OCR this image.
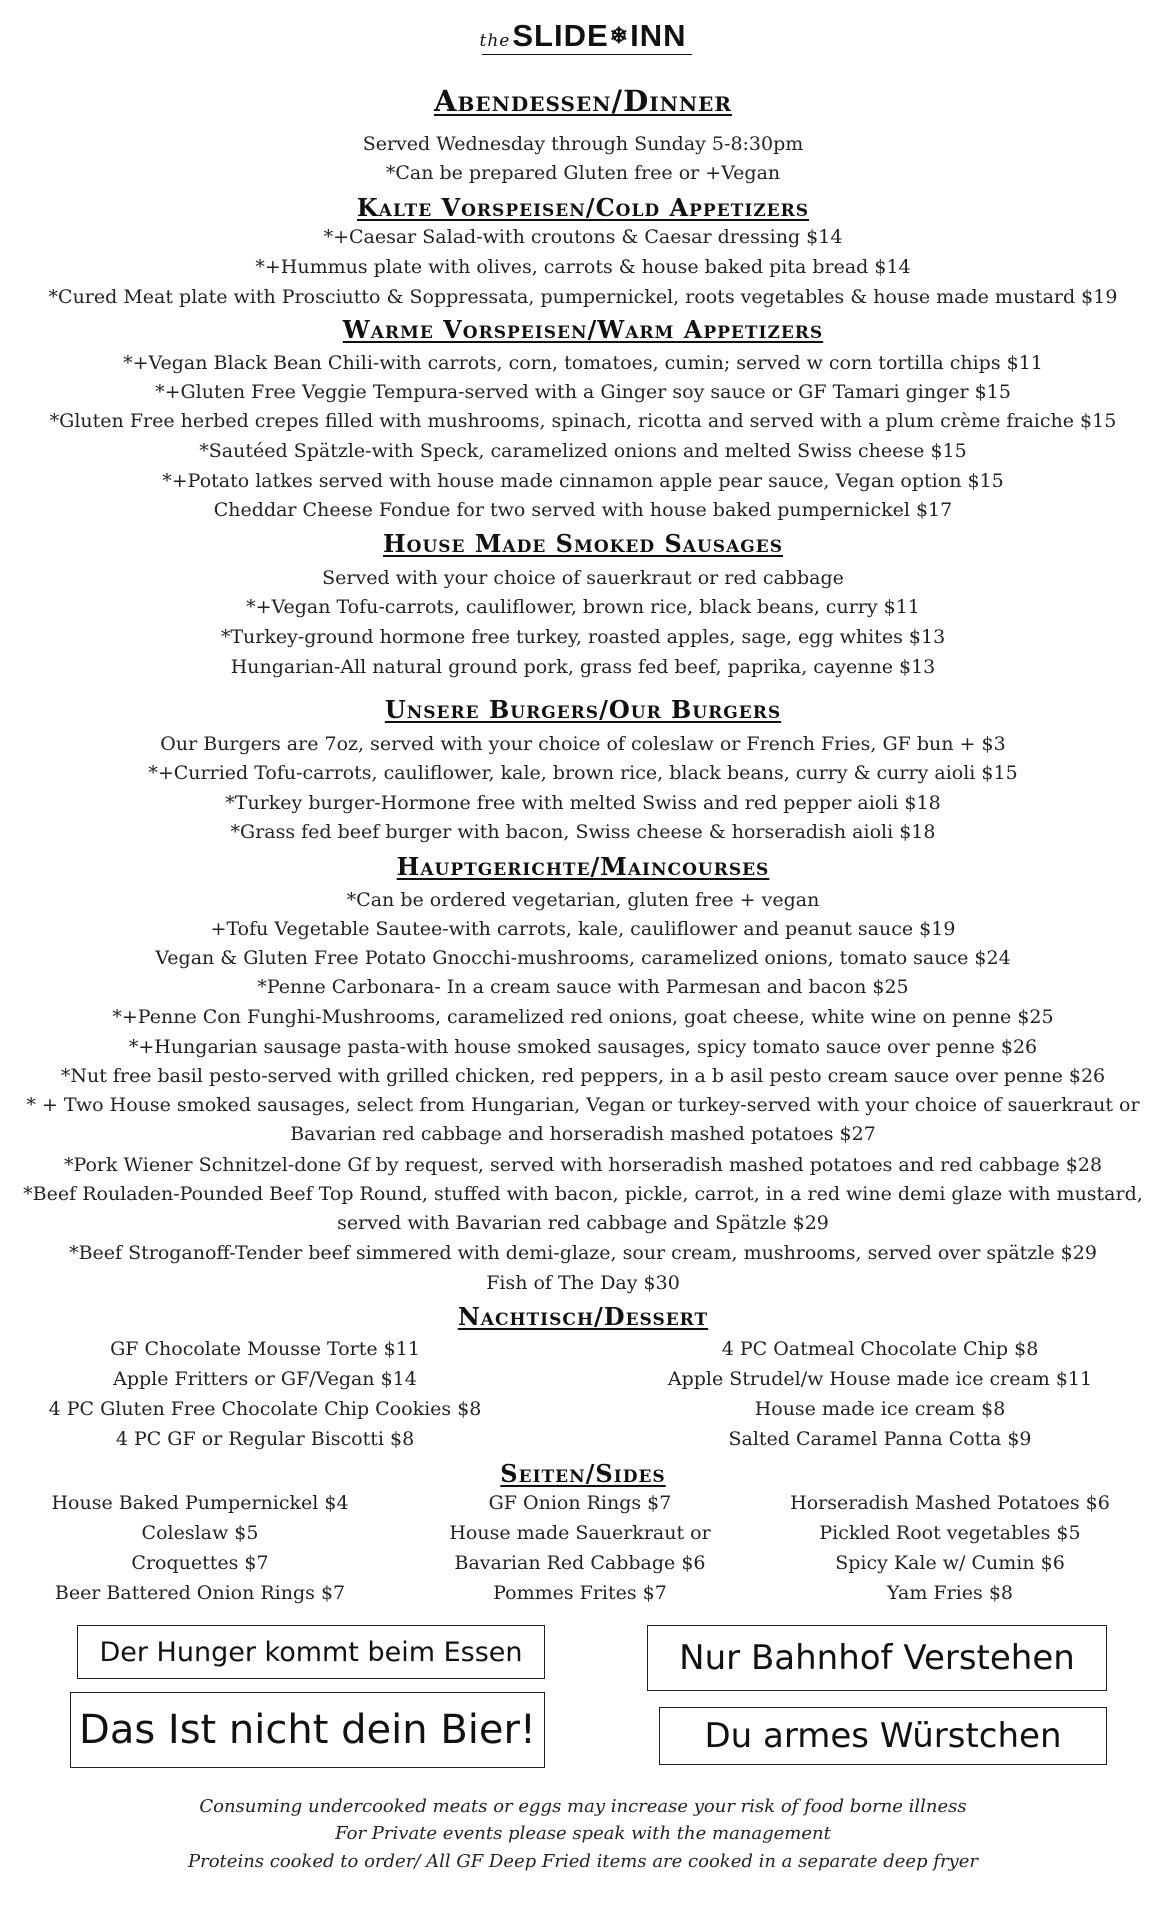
theSLIDE❄INN
Abendessen/Dinner
Served Wednesday through Sunday 5-8:30pm
*Can be prepared Gluten free or +Vegan
Kalte Vorspeisen/Cold Appetizers
*+Caesar Salad-with croutons & Caesar dressing $14
*+Hummus plate with olives, carrots & house baked pita bread $14
*Cured Meat plate with Prosciutto & Soppressata, pumpernickel, roots vegetables & house made mustard $19
Warme Vorspeisen/Warm Appetizers
*+Vegan Black Bean Chili-with carrots, corn, tomatoes, cumin; served w corn tortilla chips $11
*+Gluten Free Veggie Tempura-served with a Ginger soy sauce or GF Tamari ginger $15
*Gluten Free herbed crepes filled with mushrooms, spinach, ricotta and served with a plum crème fraiche $15
*Sautéed Spätzle-with Speck, caramelized onions and melted Swiss cheese $15
*+Potato latkes served with house made cinnamon apple pear sauce, Vegan option $15
Cheddar Cheese Fondue for two served with house baked pumpernickel $17
House Made Smoked Sausages
Served with your choice of sauerkraut or red cabbage
*+Vegan Tofu-carrots, cauliflower, brown rice, black beans, curry $11
*Turkey-ground hormone free turkey, roasted apples, sage, egg whites $13
Hungarian-All natural ground pork, grass fed beef, paprika, cayenne $13
Unsere Burgers/Our Burgers
Our Burgers are 7oz, served with your choice of coleslaw or French Fries, GF bun + $3
*+Curried Tofu-carrots, cauliflower, kale, brown rice, black beans, curry & curry aioli $15
*Turkey burger-Hormone free with melted Swiss and red pepper aioli $18
*Grass fed beef burger with bacon, Swiss cheese & horseradish aioli $18
Hauptgerichte/Maincourses
*Can be ordered vegetarian, gluten free + vegan
+Tofu Vegetable Sautee-with carrots, kale, cauliflower and peanut sauce $19
Vegan & Gluten Free Potato Gnocchi-mushrooms, caramelized onions, tomato sauce $24
*Penne Carbonara- In a cream sauce with Parmesan and bacon $25
*+Penne Con Funghi-Mushrooms, caramelized red onions, goat cheese, white wine on penne $25
*+Hungarian sausage pasta-with house smoked sausages, spicy tomato sauce over penne $26
*Nut free basil pesto-served with grilled chicken, red peppers, in a b asil pesto cream sauce over penne $26
* + Two House smoked sausages, select from Hungarian, Vegan or turkey-served with your choice of sauerkraut or
Bavarian red cabbage and horseradish mashed potatoes $27
*Pork Wiener Schnitzel-done Gf by request, served with horseradish mashed potatoes and red cabbage $28
*Beef Rouladen-Pounded Beef Top Round, stuffed with bacon, pickle, carrot, in a red wine demi glaze with mustard,
served with Bavarian red cabbage and Spätzle $29
*Beef Stroganoff-Tender beef simmered with demi-glaze, sour cream, mushrooms, served over spätzle $29
Fish of The Day $30
Nachtisch/Dessert
GF Chocolate Mousse Torte $11
Apple Fritters or GF/Vegan $14
4 PC Gluten Free Chocolate Chip Cookies $8
4 PC GF or Regular Biscotti $8
4 PC Oatmeal Chocolate Chip $8
Apple Strudel/w House made ice cream $11
House made ice cream $8
Salted Caramel Panna Cotta $9
Seiten/Sides
House Baked Pumpernickel $4
Coleslaw $5
Croquettes $7
Beer Battered Onion Rings $7
GF Onion Rings $7
House made Sauerkraut or
Bavarian Red Cabbage $6
Pommes Frites $7
Horseradish Mashed Potatoes $6
Pickled Root vegetables $5
Spicy Kale w/ Cumin $6
Yam Fries $8
Der Hunger kommt beim Essen	Nur Bahnhof Verstehen
Das Ist nicht dein Bier!	Du armes Würstchen
Consuming undercooked meats or eggs may increase your risk of food borne illness
For Private events please speak with the management
Proteins cooked to order/ All GF Deep Fried items are cooked in a separate deep fryer
